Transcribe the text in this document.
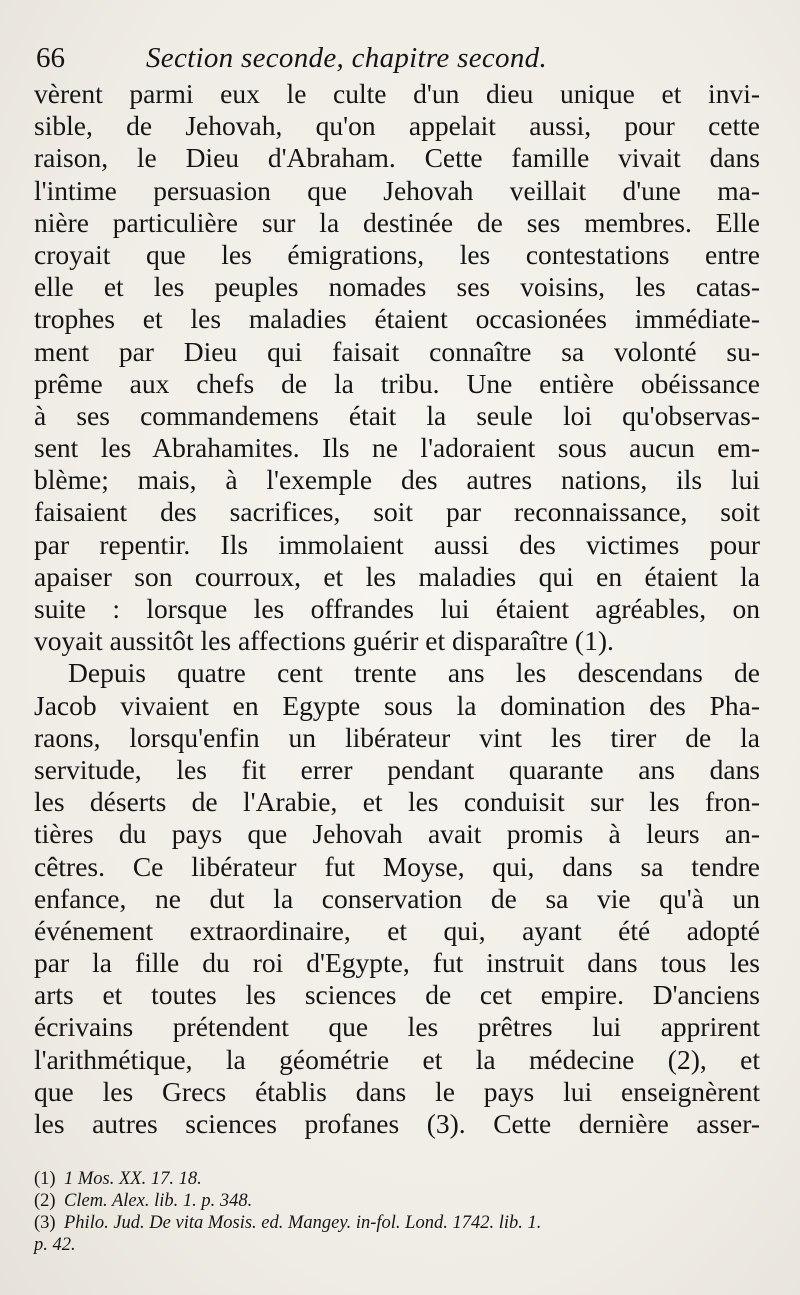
66	Section seconde, chapitre second.
vèrent parmi eux le culte d'un dieu unique et invi-
sible, de Jehovah, qu'on appelait aussi, pour cette
raison, le Dieu d'Abraham. Cette famille vivait dans
l'intime persuasion que Jehovah veillait d'une ma-
nière particulière sur la destinée de ses membres. Elle
croyait que les émigrations, les contestations entre
elle et les peuples nomades ses voisins, les catas-
trophes et les maladies étaient occasionées immédiate-
ment par Dieu qui faisait connaître sa volonté su-
prême aux chefs de la tribu. Une entière obéissance
à ses commandemens était la seule loi qu'observas-
sent les Abrahamites. Ils ne l'adoraient sous aucun em-
blème; mais, à l'exemple des autres nations, ils lui
faisaient des sacrifices, soit par reconnaissance, soit
par repentir. Ils immolaient aussi des victimes pour
apaiser son courroux, et les maladies qui en étaient la
suite : lorsque les offrandes lui étaient agréables, on
voyait aussitôt les affections guérir et disparaître (1).
Depuis quatre cent trente ans les descendans de
Jacob vivaient en Egypte sous la domination des Pha-
raons, lorsqu'enfin un libérateur vint les tirer de la
servitude, les fit errer pendant quarante ans dans
les déserts de l'Arabie, et les conduisit sur les fron-
tières du pays que Jehovah avait promis à leurs an-
cêtres. Ce libérateur fut Moyse, qui, dans sa tendre
enfance, ne dut la conservation de sa vie qu'à un
événement extraordinaire, et qui, ayant été adopté
par la fille du roi d'Egypte, fut instruit dans tous les
arts et toutes les sciences de cet empire. D'anciens
écrivains prétendent que les prêtres lui apprirent
l'arithmétique, la géométrie et la médecine (2), et
que les Grecs établis dans le pays lui enseignèrent
les autres sciences profanes (3). Cette dernière asser-
(1) 1 Mos. XX. 17. 18.
(2) Clem. Alex. lib. 1. p. 348.
(3) Philo. Jud. De vita Mosis. ed. Mangey. in-fol. Lond. 1742. lib. 1.
p. 42.
